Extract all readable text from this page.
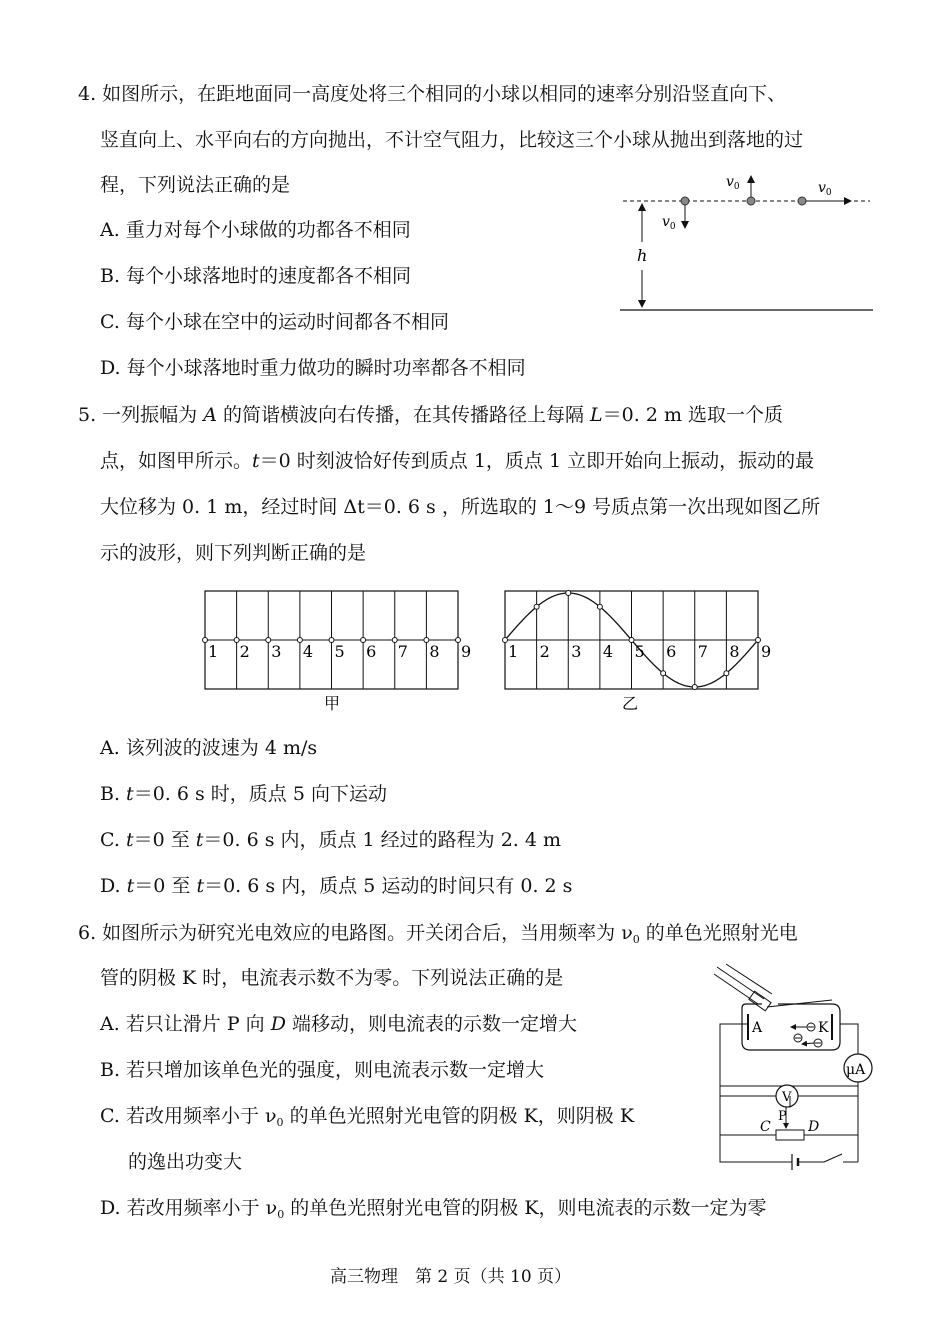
4. 如图所示，在距地面同一高度处将三个相同的小球以相同的速率分别沿竖直向下、
竖直向上、水平向右的方向抛出，不计空气阻力，比较这三个小球从抛出到落地的过
程，下列说法正确的是
A. 重力对每个小球做的功都各不相同
B. 每个小球落地时的速度都各不相同
C. 每个小球在空中的运动时间都各不相同
D. 每个小球落地时重力做功的瞬时功率都各不相同
h
$v_0$
$v_0$	$v_0$
5. 一列振幅为 A 的简谐横波向右传播，在其传播路径上每隔 L＝0. 2 m 选取一个质
点，如图甲所示。t＝0 时刻波恰好传到质点 1，质点 1 立即开始向上振动，振动的最
大位移为 0. 1 m，经过时间 Δt＝0. 6 s ，所选取的 1～9 号质点第一次出现如图乙所
示的波形，则下列判断正确的是
1 2 3 4 5 6 7 8 9
甲
1 2 3 4 5 6 7 8 9
乙
A. 该列波的波速为 4 m/s
B. t＝0. 6 s 时，质点 5 向下运动
C. t＝0 至 t＝0. 6 s 内，质点 1 经过的路程为 2. 4 m
D. t＝0 至 t＝0. 6 s 内，质点 5 运动的时间只有 0. 2 s
6. 如图所示为研究光电效应的电路图。开关闭合后，当用频率为 $\nu_0$ 的单色光照射光电
管的阴极 K 时，电流表示数不为零。下列说法正确的是
A. 若只让滑片 P 向 D 端移动，则电流表的示数一定增大
B. 若只增加该单色光的强度，则电流表示数一定增大
C. 若改用频率小于 $\nu_0$ 的单色光照射光电管的阴极 K，则阴极 K
的逸出功变大
D. 若改用频率小于 $\nu_0$ 的单色光照射光电管的阴极 K，则电流表的示数一定为零
A	K
μA
V
P
C	D
高三物理　第 2 页（共 10 页）
